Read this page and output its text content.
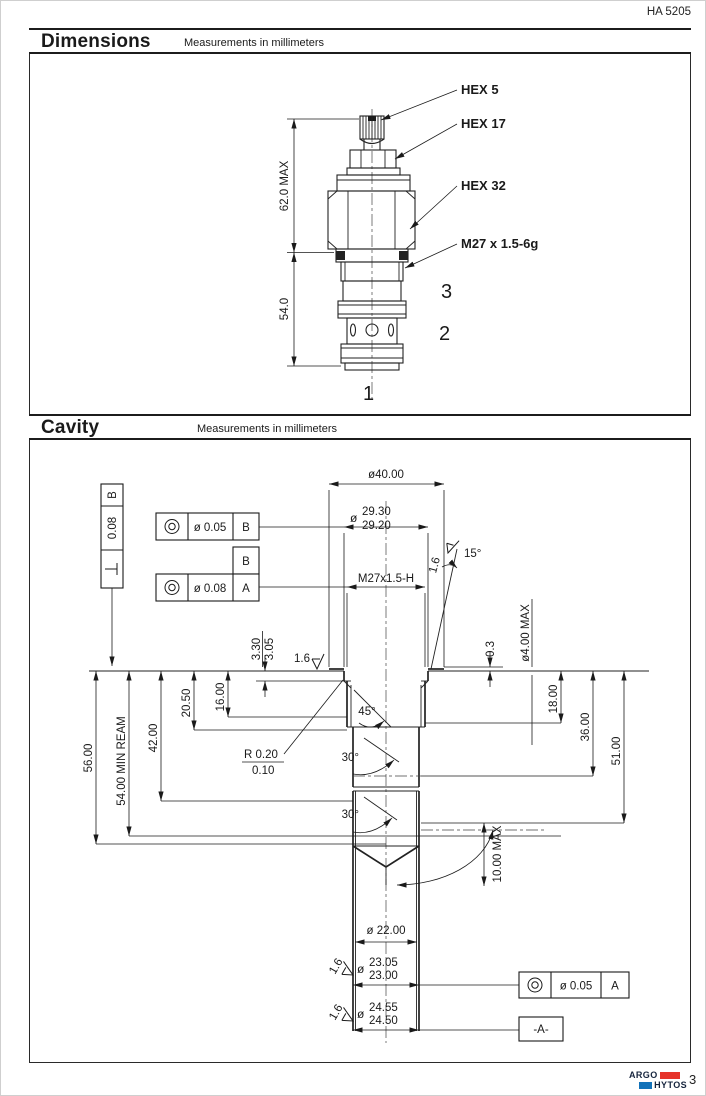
HA 5205
Dimensions	Measurements in millimeters
Cavity	Measurements in millimeters
62.0 MAX
54.0
HEX 5
HEX 17
HEX 32
M27 x 1.5-6g
3
2
1
B
0.08	ø 0.05 B
B
ø 0.08 A
ø40.00
ø 29.30
29.20
M27x1.5-H
1.6
15°
45°
30°
30°
56.00 54.00 MIN REAM 42.00
20.50 16.00	18.00
36.00
51.00
10.00 MAX
1.6
0.3 ø4.00 MAX
3.30 3.05
R 0.20
0.10
ø 22.00
ø 23.05
23.00
ø 24.55
24.50
1.6
1.6
ø 0.05 A
-A-
ARGO
HYTOS 3
